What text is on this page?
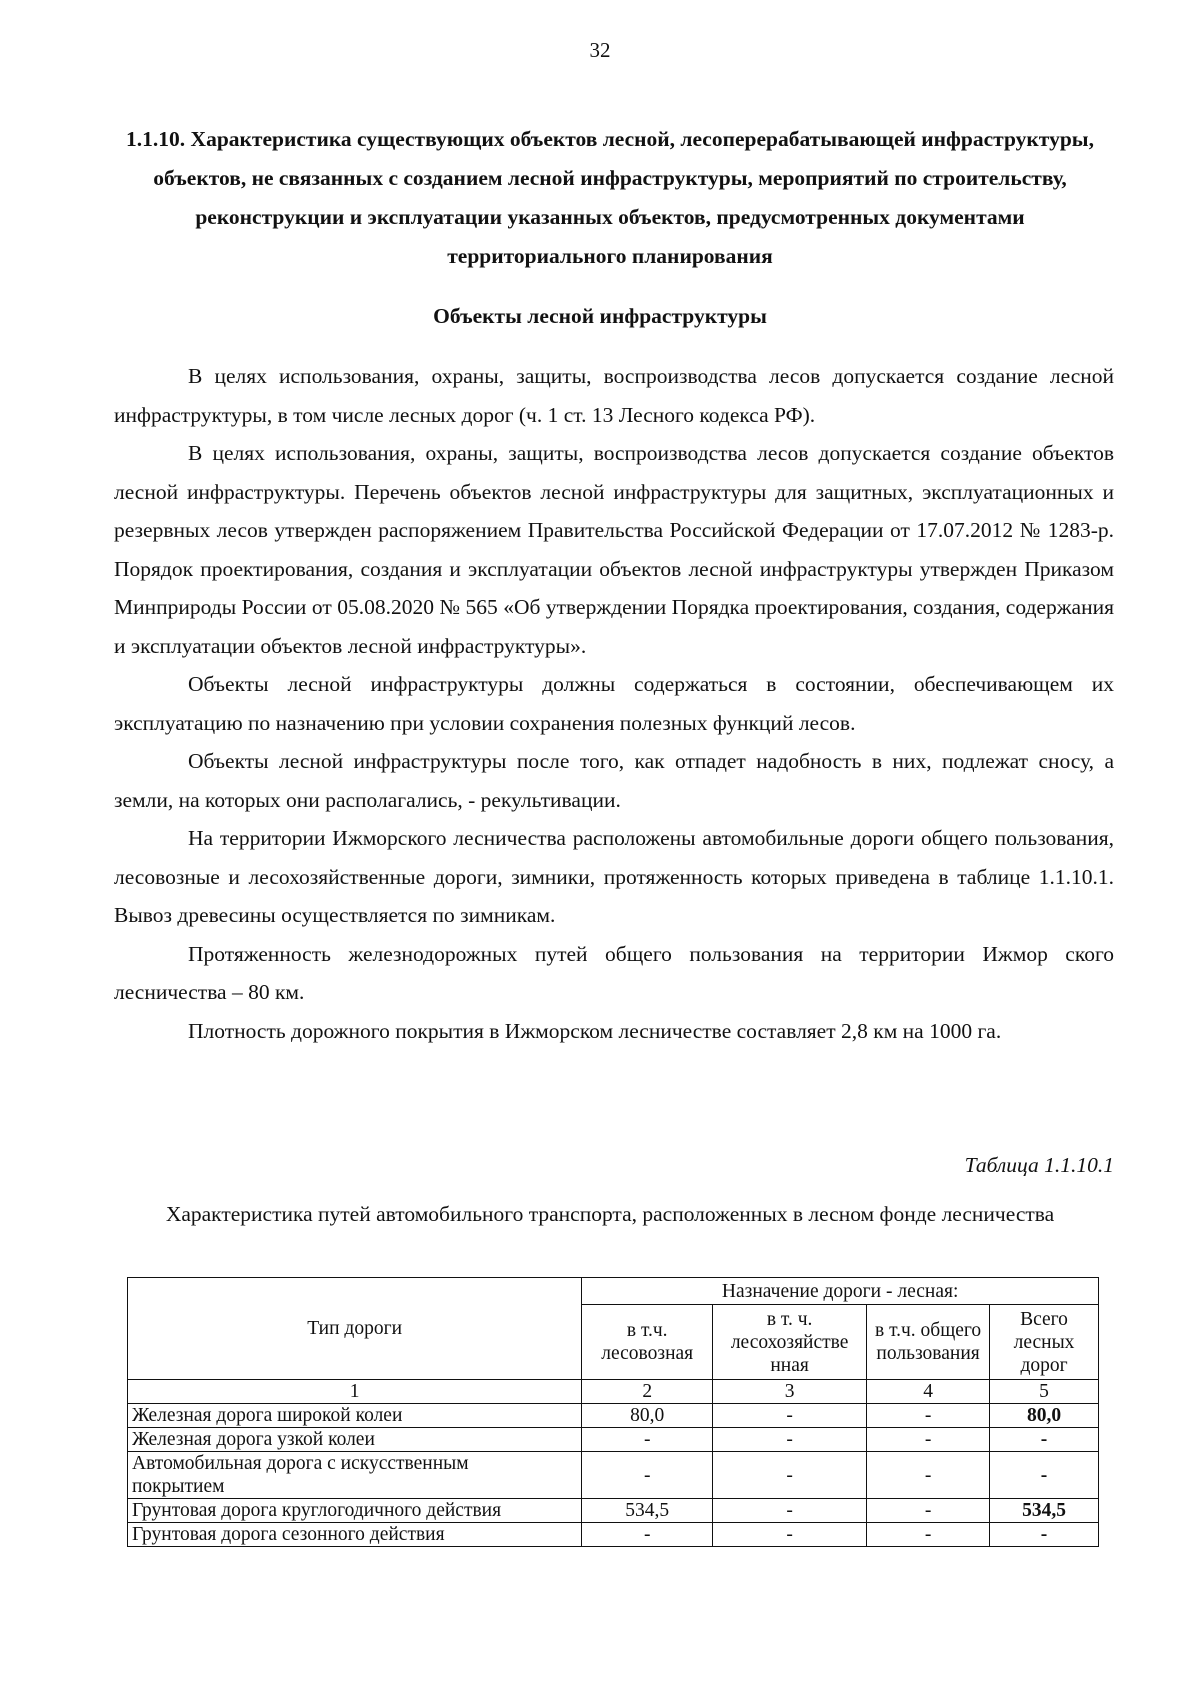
32
1.1.10. Характеристика существующих объектов лесной, лесоперерабатывающей инфраструктуры, объектов, не связанных с созданием лесной инфраструктуры, мероприятий по строительству, реконструкции и эксплуатации указанных объектов, предусмотренных документами территориального планирования
Объекты лесной инфраструктуры

В целях использования, охраны, защиты, воспроизводства лесов допускается создание лесной инфраструктуры, в том числе лесных дорог (ч. 1 ст. 13 Лесного кодекса РФ).

В целях использования, охраны, защиты, воспроизводства лесов допускается создание объектов лесной инфраструктуры. Перечень объектов лесной инфраструктуры для защитных, эксплуатационных и резервных лесов утвержден распоряжением Правительства Российской Федерации от 17.07.2012 № 1283-р. Порядок проектирования, создания и эксплуатации объектов лесной инфраструктуры утвержден Приказом Минприроды России от 05.08.2020 № 565 «Об утверждении Порядка проектирования, создания, содержания и эксплуатации объектов лесной инфраструктуры».

Объекты лесной инфраструктуры должны содержаться в состоянии, обеспечивающем их эксплуатацию по назначению при условии сохранения полезных функций лесов.

Объекты лесной инфраструктуры после того, как отпадет надобность в них, подлежат сносу, а земли, на которых они располагались, - рекультивации.

На территории Ижморского лесничества расположены автомобильные дороги общего пользования, лесовозные и лесохозяйственные дороги, зимники, протяженность которых приведена в таблице 1.1.10.1. Вывоз древесины осуществляется по зимникам.

Протяженность железнодорожных путей общего пользования на территории Ижмор ского лесничества – 80 км.

Плотность дорожного покрытия в Ижморском лесничестве составляет 2,8 км на 1000 га.

Таблица 1.1.10.1
Характеристика путей автомобильного транспорта, расположенных в лесном фонде лесничества
Тип дороги	Назначение дороги - лесная:			
	в т.ч. лесовозная	в т. ч. лесохозяйстве нная	в т.ч. общего пользования	Всего лесных дорог
1	2	3	4	5
Железная дорога широкой колеи	80,0	-	-	80,0
Железная дорога узкой колеи	-	-	-	-
Автомобильная дорога с искусственным покрытием	-	-	-	-
Грунтовая дорога круглогодичного действия	534,5	-	-	534,5
Грунтовая дорога сезонного действия	-	-	-	-
